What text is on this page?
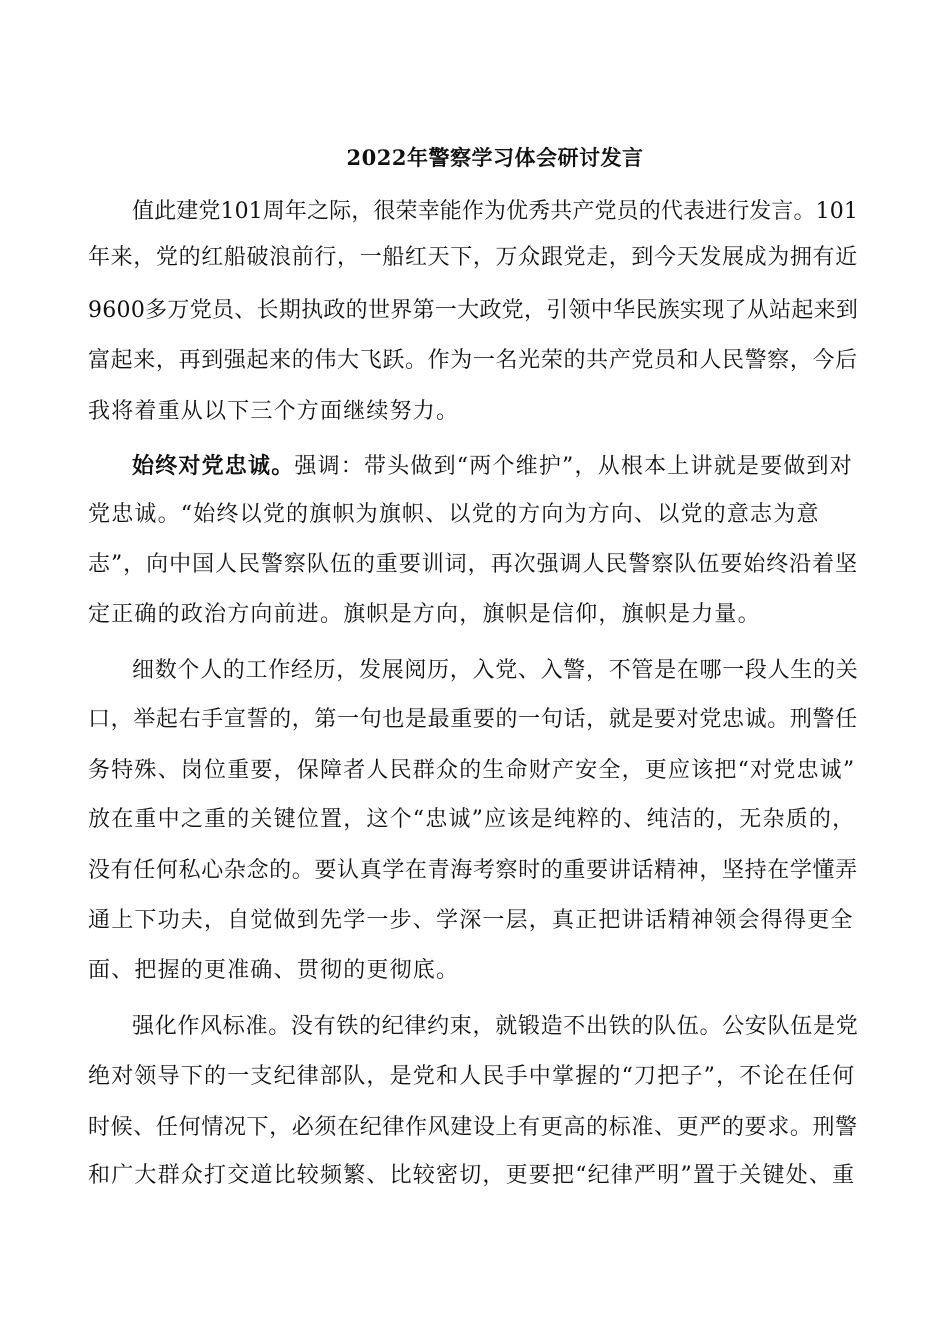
2022年警察学习体会研讨发言
值此建党101周年之际，很荣幸能作为优秀共产党员的代表进行发言。101
年来，党的红船破浪前行，一船红天下，万众跟党走，到今天发展成为拥有近
9600多万党员、长期执政的世界第一大政党，引领中华民族实现了从站起来到
富起来，再到强起来的伟大飞跃。作为一名光荣的共产党员和人民警察，今后
我将着重从以下三个方面继续努力。
始终对党忠诚。强调：带头做到“两个维护”，从根本上讲就是要做到对
党忠诚。“始终以党的旗帜为旗帜、以党的方向为方向、以党的意志为意
志”，向中国人民警察队伍的重要训词，再次强调人民警察队伍要始终沿着坚
定正确的政治方向前进。旗帜是方向，旗帜是信仰，旗帜是力量。
细数个人的工作经历，发展阅历，入党、入警，不管是在哪一段人生的关
口，举起右手宣誓的，第一句也是最重要的一句话，就是要对党忠诚。刑警任
务特殊、岗位重要，保障者人民群众的生命财产安全，更应该把“对党忠诚”
放在重中之重的关键位置，这个“忠诚”应该是纯粹的、纯洁的，无杂质的，
没有任何私心杂念的。要认真学在青海考察时的重要讲话精神，坚持在学懂弄
通上下功夫，自觉做到先学一步、学深一层，真正把讲话精神领会得得更全
面、把握的更准确、贯彻的更彻底。
强化作风标准。没有铁的纪律约束，就锻造不出铁的队伍。公安队伍是党
绝对领导下的一支纪律部队，是党和人民手中掌握的“刀把子”，不论在任何
时候、任何情况下，必须在纪律作风建设上有更高的标准、更严的要求。刑警
和广大群众打交道比较频繁、比较密切，更要把“纪律严明”置于关键处、重
